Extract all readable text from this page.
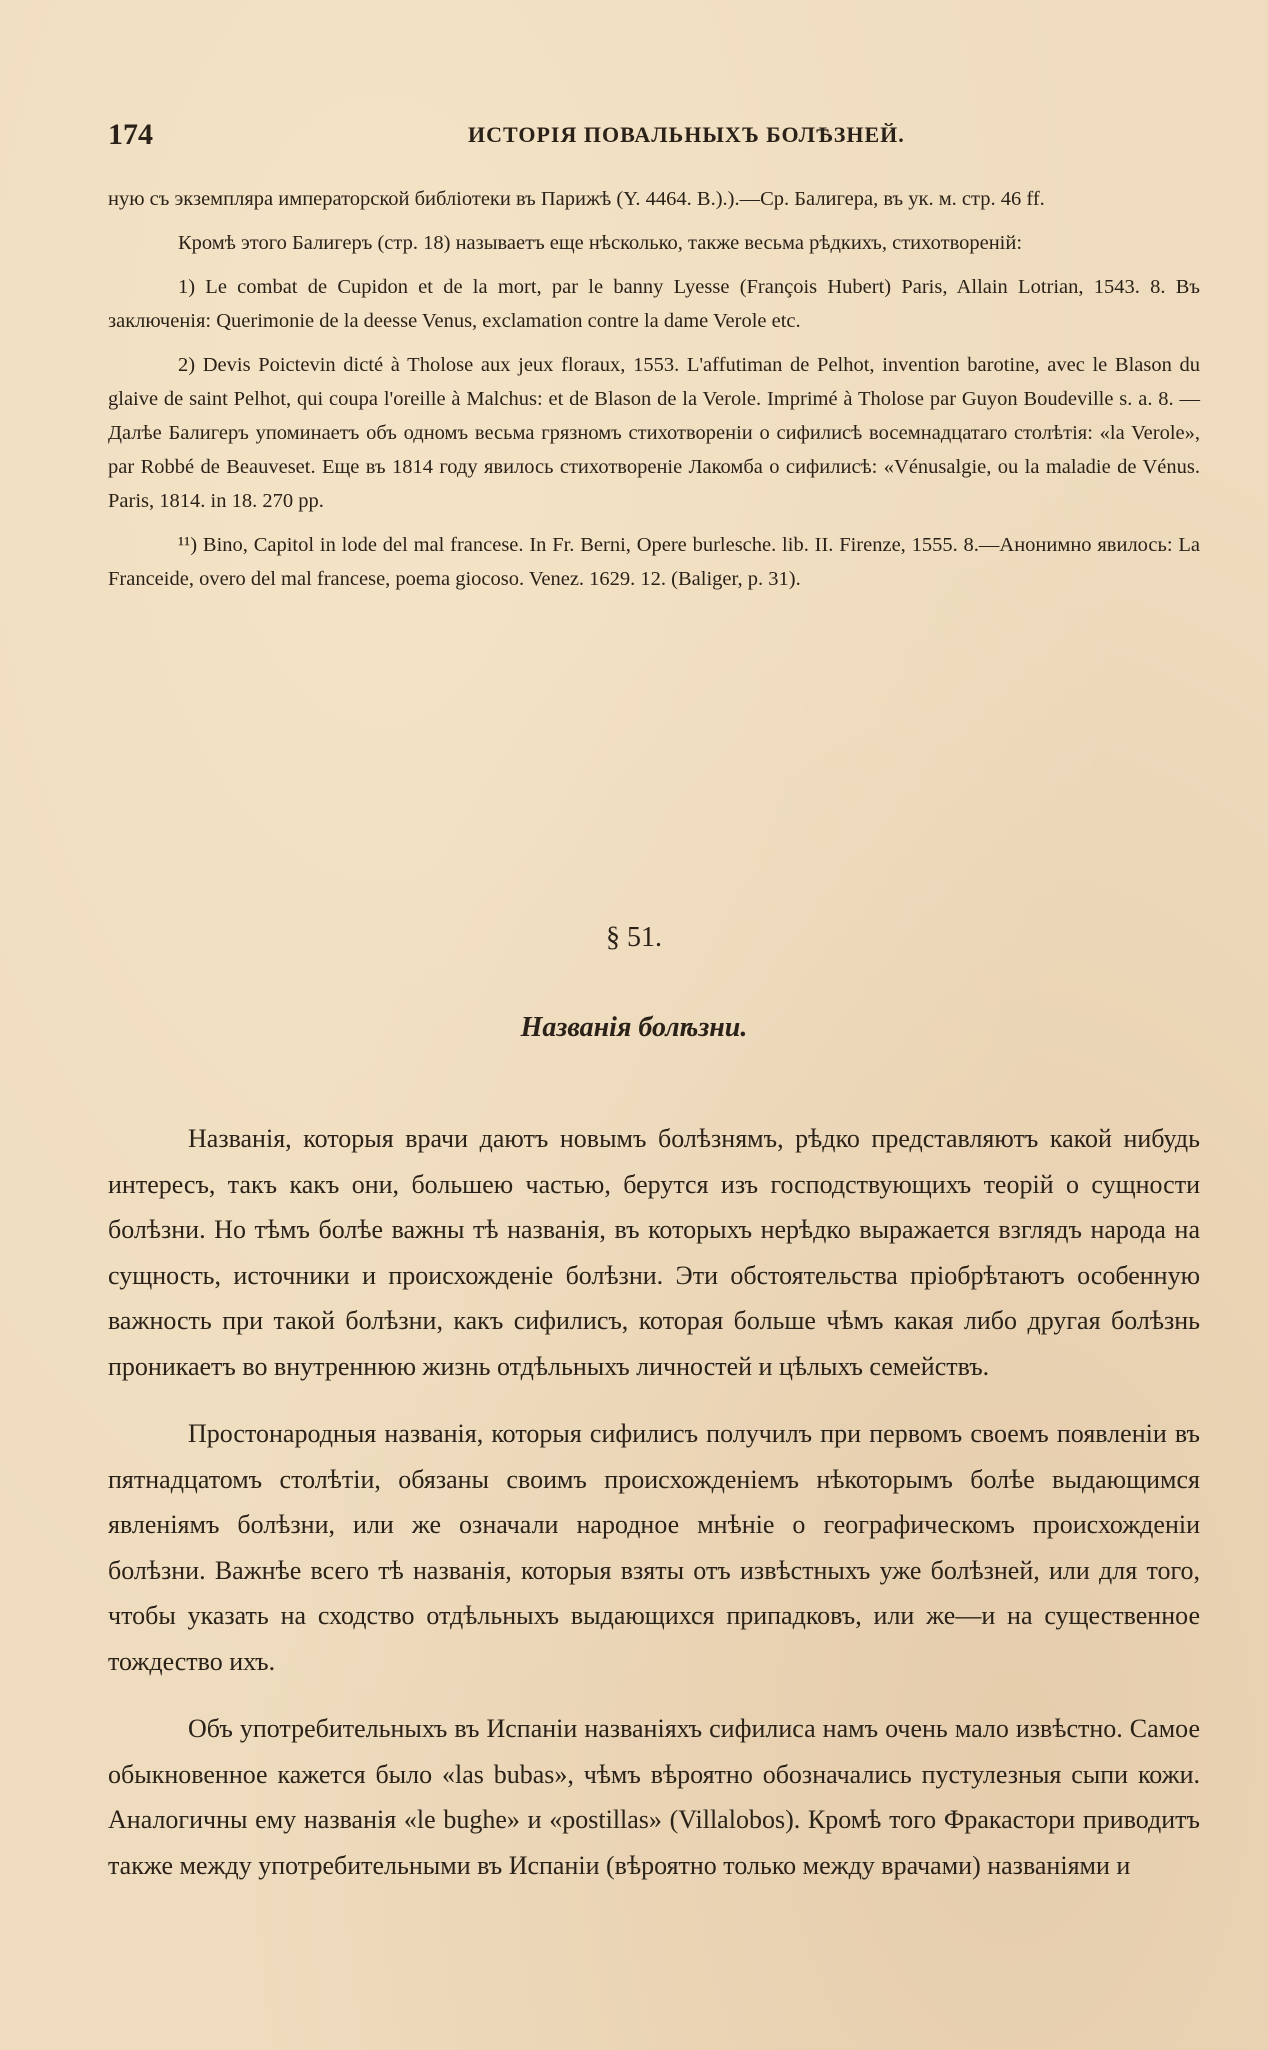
174	ИСТОРІЯ ПОВАЛЬНЫХЪ БОЛѢЗНЕЙ.

ную съ экземпляра императорской библіотеки въ Парижѣ (Y. 4464. B.).).—Ср. Балигера, въ ук. м. стр. 46 ff.

Кромѣ этого Балигеръ (стр. 18) называетъ еще нѣсколько, также весьма рѣдкихъ, стихотвореній:

1) Le combat de Cupidon et de la mort, par le banny Lyesse (François Hubert) Paris, Allain Lotrian, 1543. 8. Въ заключенія: Querimonie de la deesse Venus, exclamation contre la dame Verole etc.

2) Devis Poictevin dicté à Tholose aux jeux floraux, 1553. L'affutiman de Pelhot, invention barotine, avec le Blason du glaive de saint Pelhot, qui coupa l'oreille à Malchus: et de Blason de la Verole. Imprimé à Tholose par Guyon Boudeville s. a. 8. — Далѣе Балигеръ упоминаетъ объ одномъ весьма грязномъ стихотвореніи о сифилисѣ восемнадцатаго столѣтія: «la Verole», par Robbé de Beauveset. Еще въ 1814 году явилось стихотвореніе Лакомба о сифилисѣ: «Vénusalgie, ou la maladie de Vénus. Paris, 1814. in 18. 270 pp.

¹¹) Bino, Capitol in lode del mal francese. In Fr. Berni, Opere burlesche. lib. II. Firenze, 1555. 8.—Анонимно явилось: La Franceide, overo del mal francese, poema giocoso. Venez. 1629. 12. (Baliger, p. 31).

§ 51.
Названія болѣзни.

Названія, которыя врачи даютъ новымъ болѣзнямъ, рѣдко представляютъ какой нибудь интересъ, такъ какъ они, большею частью, берутся изъ господствующихъ теорій о сущности болѣзни. Но тѣмъ болѣе важны тѣ названія, въ которыхъ нерѣдко выражается взглядъ народа на сущность, источники и происхожденіе болѣзни. Эти обстоятельства пріобрѣтаютъ особенную важность при такой болѣзни, какъ сифилисъ, которая больше чѣмъ какая либо другая болѣзнь проникаетъ во внутреннюю жизнь отдѣльныхъ личностей и цѣлыхъ семействъ.

Простонародныя названія, которыя сифилисъ получилъ при первомъ своемъ появленіи въ пятнадцатомъ столѣтіи, обязаны своимъ происхожденіемъ нѣкоторымъ болѣе выдающимся явленіямъ болѣзни, или же означали народное мнѣніе о географическомъ происхожденіи болѣзни. Важнѣе всего тѣ названія, которыя взяты отъ извѣстныхъ уже болѣзней, или для того, чтобы указать на сходство отдѣльныхъ выдающихся припадковъ, или же—и на существенное тождество ихъ.

Объ употребительныхъ въ Испаніи названіяхъ сифилиса намъ очень мало извѣстно. Самое обыкновенное кажется было «las bubas», чѣмъ вѣроятно обозначались пустулезныя сыпи кожи. Аналогичны ему названія «le bughe» и «postillas» (Villalobos). Кромѣ того Фракастори приводитъ также между употребительными въ Испаніи (вѣроятно только между врачами) названіями и
